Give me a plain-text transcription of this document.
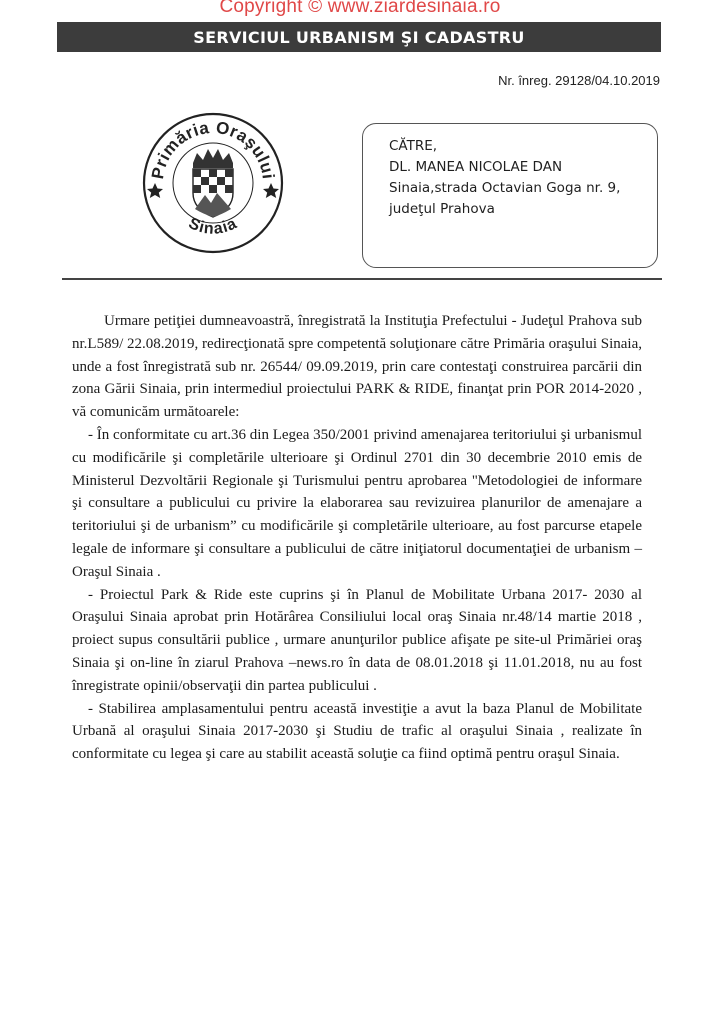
Copyright © www.ziardesinaia.ro
SERVICIUL URBANISM ŞI CADASTRU
Nr. înreg. 29128/04.10.2019
Primăria Oraşului
Sinaia
CĂTRE,
DL. MANEA NICOLAE DAN
Sinaia,strada Octavian Goga nr. 9,
judeţul Prahova

Urmare petiţiei dumneavoastră, înregistrată la Instituţia Prefectului - Judeţul Prahova sub nr.L589/ 22.08.2019, redirecţionată spre competentă soluţionare către Primăria oraşului Sinaia, unde a fost înregistrată sub nr. 26544/ 09.09.2019, prin care contestaţi construirea parcării din zona Gării Sinaia, prin intermediul proiectului PARK & RIDE, finanţat prin POR 2014-2020 , vă comunicăm următoarele:

- În conformitate cu art.36 din Legea 350/2001 privind amenajarea teritoriului şi urbanismul cu modificările şi completările ulterioare şi Ordinul 2701 din 30 decembrie 2010 emis de Ministerul Dezvoltării Regionale şi Turismului pentru aprobarea ''Metodologiei de informare şi consultare a publicului cu privire la elaborarea sau revizuirea planurilor de amenajare a teritoriului şi de urbanism” cu modificările şi completările ulterioare, au fost parcurse etapele legale de informare şi consultare a publicului de către iniţiatorul documentaţiei de urbanism – Oraşul Sinaia .

- Proiectul Park & Ride este cuprins şi în Planul de Mobilitate Urbana 2017- 2030 al Oraşului Sinaia aprobat prin Hotărârea Consiliului local oraş Sinaia nr.48/14 martie 2018 , proiect supus consultării publice , urmare anunţurilor publice afişate pe site-ul Primăriei oraş Sinaia şi on-line în ziarul Prahova –news.ro în data de 08.01.2018 şi 11.01.2018, nu au fost înregistrate opinii/observaţii din partea publicului .

- Stabilirea amplasamentului pentru această investiţie a avut la baza Planul de Mobilitate Urbană al oraşului Sinaia 2017-2030 şi Studiu de trafic al oraşului Sinaia , realizate în conformitate cu legea şi care au stabilit această soluţie ca fiind optimă pentru oraşul Sinaia.
